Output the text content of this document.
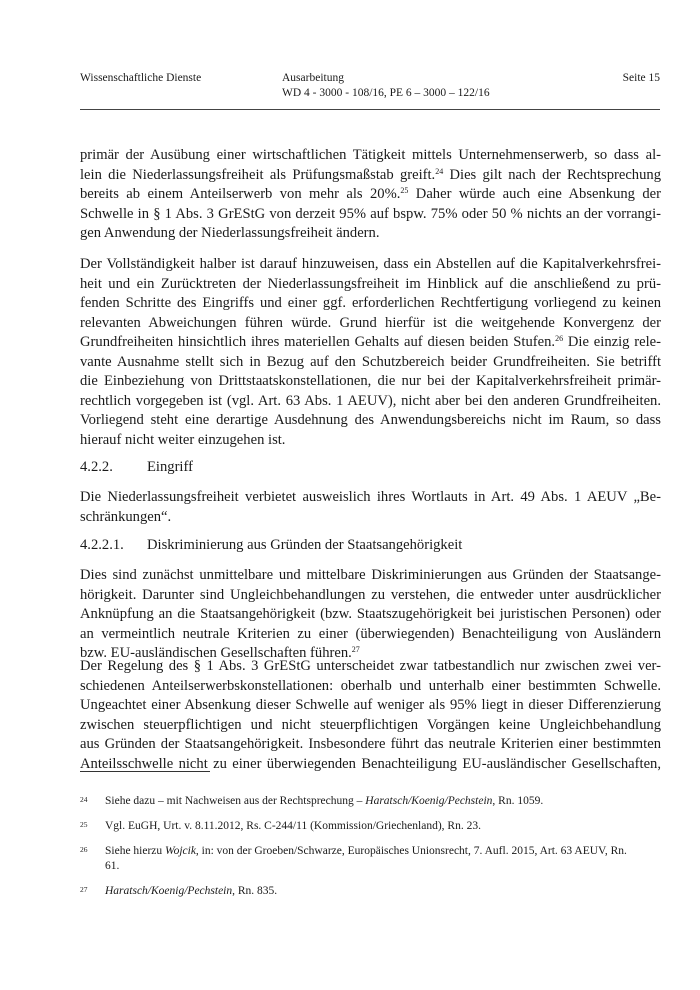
Wissenschaftliche Dienste	Ausarbeitung
WD 4 - 3000 - 108/16, PE 6 – 3000 – 122/16
Seite 15

primär der Ausübung einer wirtschaftlichen Tätigkeit mittels Unternehmenserwerb, so dass al-

lein die Niederlassungsfreiheit als Prüfungsmaßstab greift.$^{24}$ Dies gilt nach der Rechtsprechung

bereits ab einem Anteilserwerb von mehr als 20%.$^{25}$ Daher würde auch eine Absenkung der

Schwelle in § 1 Abs. 3 GrEStG von derzeit 95% auf bspw. 75% oder 50 % nichts an der vorrangi-

gen Anwendung der Niederlassungsfreiheit ändern.

Der Vollständigkeit halber ist darauf hinzuweisen, dass ein Abstellen auf die Kapitalverkehrsfrei-

heit und ein Zurücktreten der Niederlassungsfreiheit im Hinblick auf die anschließend zu prü-

fenden Schritte des Eingriffs und einer ggf. erforderlichen Rechtfertigung vorliegend zu keinen

relevanten Abweichungen führen würde. Grund hierfür ist die weitgehende Konvergenz der

Grundfreiheiten hinsichtlich ihres materiellen Gehalts auf diesen beiden Stufen.$^{26}$ Die einzig rele-

vante Ausnahme stellt sich in Bezug auf den Schutzbereich beider Grundfreiheiten. Sie betrifft

die Einbeziehung von Drittstaatskonstellationen, die nur bei der Kapitalverkehrsfreiheit primär-

rechtlich vorgegeben ist (vgl. Art. 63 Abs. 1 AEUV), nicht aber bei den anderen Grundfreiheiten.

Vorliegend steht eine derartige Ausdehnung des Anwendungsbereichs nicht im Raum, so dass

hierauf nicht weiter einzugehen ist.

4.2.2. Eingriff

Die Niederlassungsfreiheit verbietet ausweislich ihres Wortlauts in Art. 49 Abs. 1 AEUV „Be-

schränkungen“.

4.2.2.1. Diskriminierung aus Gründen der Staatsangehörigkeit

Dies sind zunächst unmittelbare und mittelbare Diskriminierungen aus Gründen der Staatsange-

hörigkeit. Darunter sind Ungleichbehandlungen zu verstehen, die entweder unter ausdrücklicher

Anknüpfung an die Staatsangehörigkeit (bzw. Staatszugehörigkeit bei juristischen Personen) oder

an vermeintlich neutrale Kriterien zu einer (überwiegenden) Benachteiligung von Ausländern

bzw. EU-ausländischen Gesellschaften führen.$^{27}$

Der Regelung des § 1 Abs. 3 GrEStG unterscheidet zwar tatbestandlich nur zwischen zwei ver-

schiedenen Anteilserwerbskonstellationen: oberhalb und unterhalb einer bestimmten Schwelle.

Ungeachtet einer Absenkung dieser Schwelle auf weniger als 95% liegt in dieser Differenzierung

zwischen steuerpflichtigen und nicht steuerpflichtigen Vorgängen keine Ungleichbehandlung

aus Gründen der Staatsangehörigkeit. Insbesondere führt das neutrale Kriterien einer bestimmten

Anteilsschwelle nicht zu einer überwiegenden Benachteiligung EU-ausländischer Gesellschaften,

24 Siehe dazu – mit Nachweisen aus der Rechtsprechung – Haratsch/Koenig/Pechstein, Rn. 1059.
25 Vgl. EuGH, Urt. v. 8.11.2012, Rs. C-244/11 (Kommission/Griechenland), Rn. 23.
26 Siehe hierzu Wojcik, in: von der Groeben/Schwarze, Europäisches Unionsrecht, 7. Aufl. 2015, Art. 63 AEUV, Rn.
61.
27 Haratsch/Koenig/Pechstein, Rn. 835.
